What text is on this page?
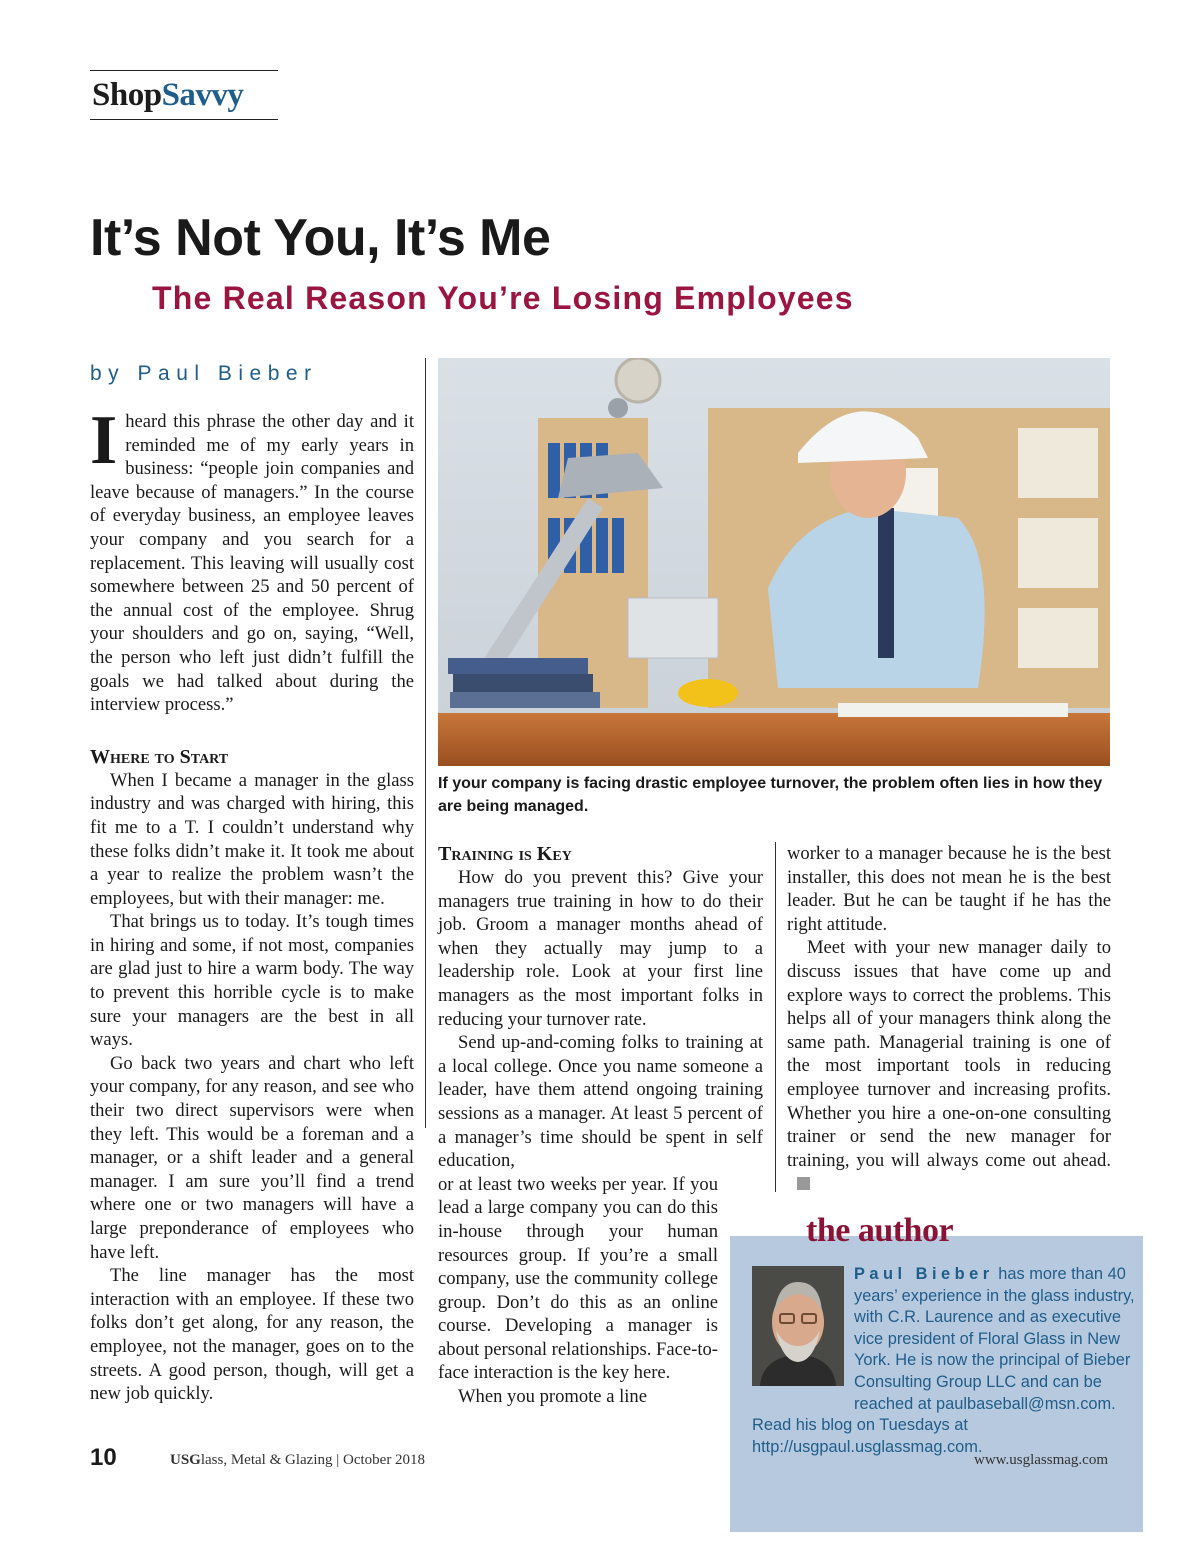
ShopSavvy
It’s Not You, It’s Me
The Real Reason You’re Losing Employees
by Paul Bieber

Iheard this phrase the other day and it reminded me of my early years in business: “people join companies and leave because of managers.” In the course of everyday business, an employee leaves your company and you search for a replacement. This leaving will usually cost somewhere between 25 and 50 percent of the annual cost of the employee. Shrug your shoulders and go on, saying, “Well, the person who left just didn’t fulfill the goals we had talked about during the interview process.”

Where to Start

When I became a manager in the glass industry and was charged with hiring, this fit me to a T. I couldn’t understand why these folks didn’t make it. It took me about a year to realize the problem wasn’t the employees, but with their manager: me.

That brings us to today. It’s tough times in hiring and some, if not most, companies are glad just to hire a warm body. The way to prevent this horrible cycle is to make sure your managers are the best in all ways.

Go back two years and chart who left your company, for any reason, and see who their two direct supervisors were when they left. This would be a foreman and a manager, or a shift leader and a general manager. I am sure you’ll find a trend where one or two managers will have a large preponderance of employees who have left.

The line manager has the most interaction with an employee. If these two folks don’t get along, for any reason, the employee, not the manager, goes on to the streets. A good person, though, will get a new job quickly.

If your company is facing drastic employee turnover, the problem often lies in how they are being managed.
Training is Key

How do you prevent this? Give your managers true training in how to do their job. Groom a manager months ahead of when they actually may jump to a leadership role. Look at your first line managers as the most important folks in reducing your turnover rate.

Send up-and-coming folks to training at a local college. Once you name someone a leader, have them attend ongoing training sessions as a manager. At least 5 percent of a manager’s time should be spent in self education,

or at least two weeks per year. If you lead a large company you can do this in-house through your human resources group. If you’re a small company, use the community college group. Don’t do this as an online course. Developing a manager is about personal relationships. Face-to-face interaction is the key here.

When you promote a line

worker to a manager because he is the best installer, this does not mean he is the best leader. But he can be taught if he has the right attitude.

Meet with your new manager daily to discuss issues that have come up and explore ways to correct the problems. This helps all of your managers think along the same path. Managerial training is one of the most important tools in reducing employee turnover and increasing profits. Whether you hire a one-on-one consulting trainer or send the new manager for training, you will always come out ahead.

the author
Paul Bieber has more than 40 years’ experience in the glass industry, with C.R. Laurence and as executive vice president of Floral Glass in New York. He is now the principal of Bieber Consulting Group LLC and can be reached at paulbaseball@msn.com. Read his blog on Tuesdays at http://usgpaul.usglassmag.com.
10	USGlass, Metal & Glazing | October 2018	www.usglassmag.com
